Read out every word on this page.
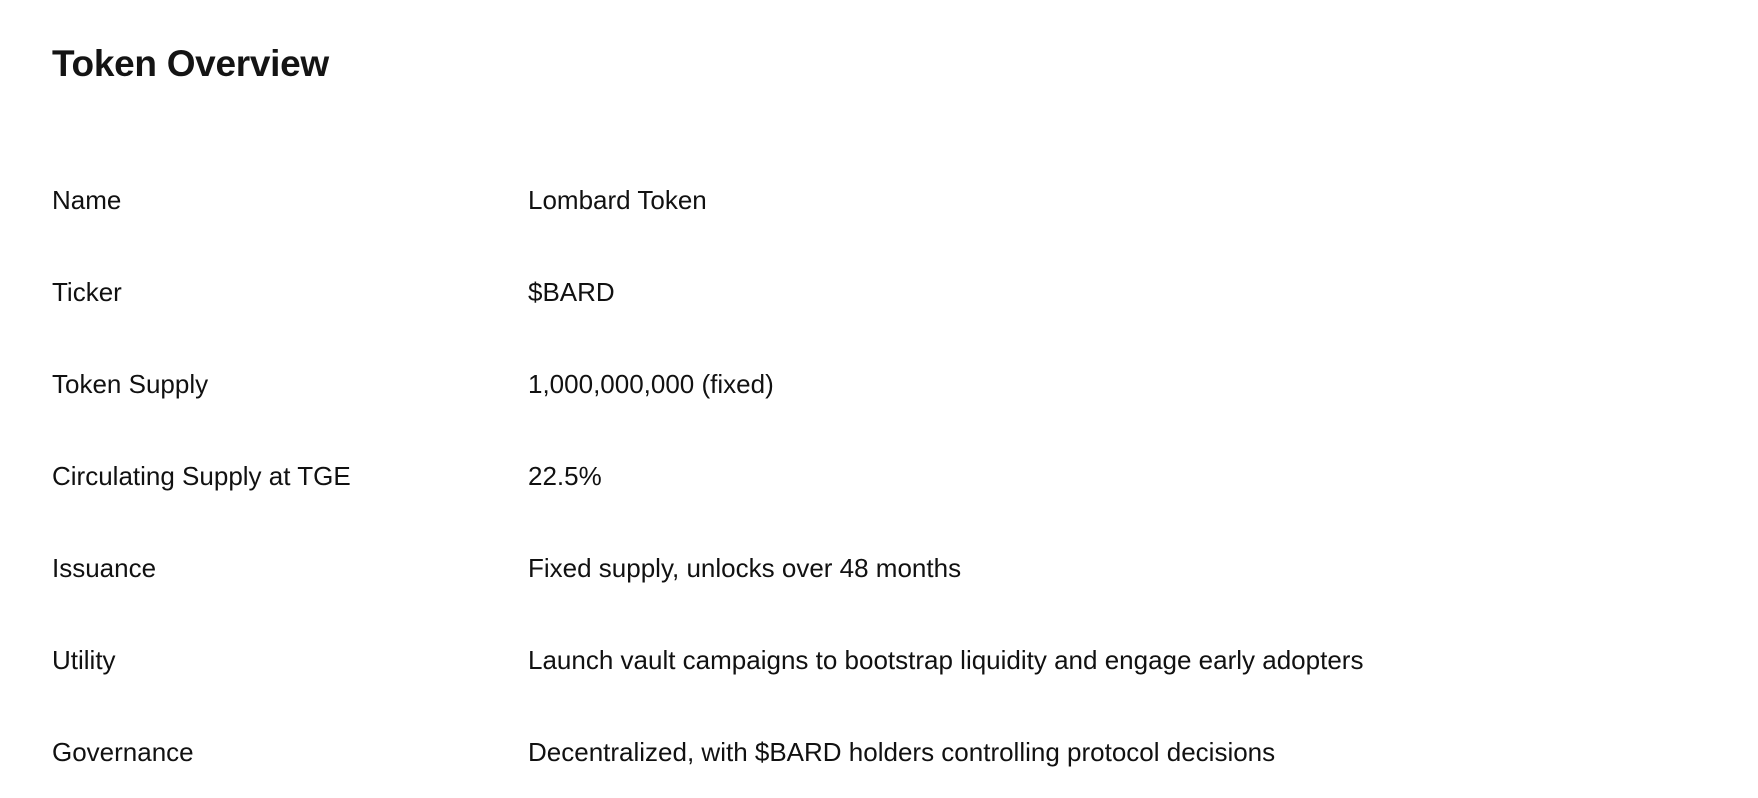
Token Overview
Name	Lombard Token
Ticker	$BARD
Token Supply	1,000,000,000 (fixed)
Circulating Supply at TGE	22.5%
Issuance	Fixed supply, unlocks over 48 months
Utility	Launch vault campaigns to bootstrap liquidity and engage early adopters
Governance	Decentralized, with $BARD holders controlling protocol decisions
